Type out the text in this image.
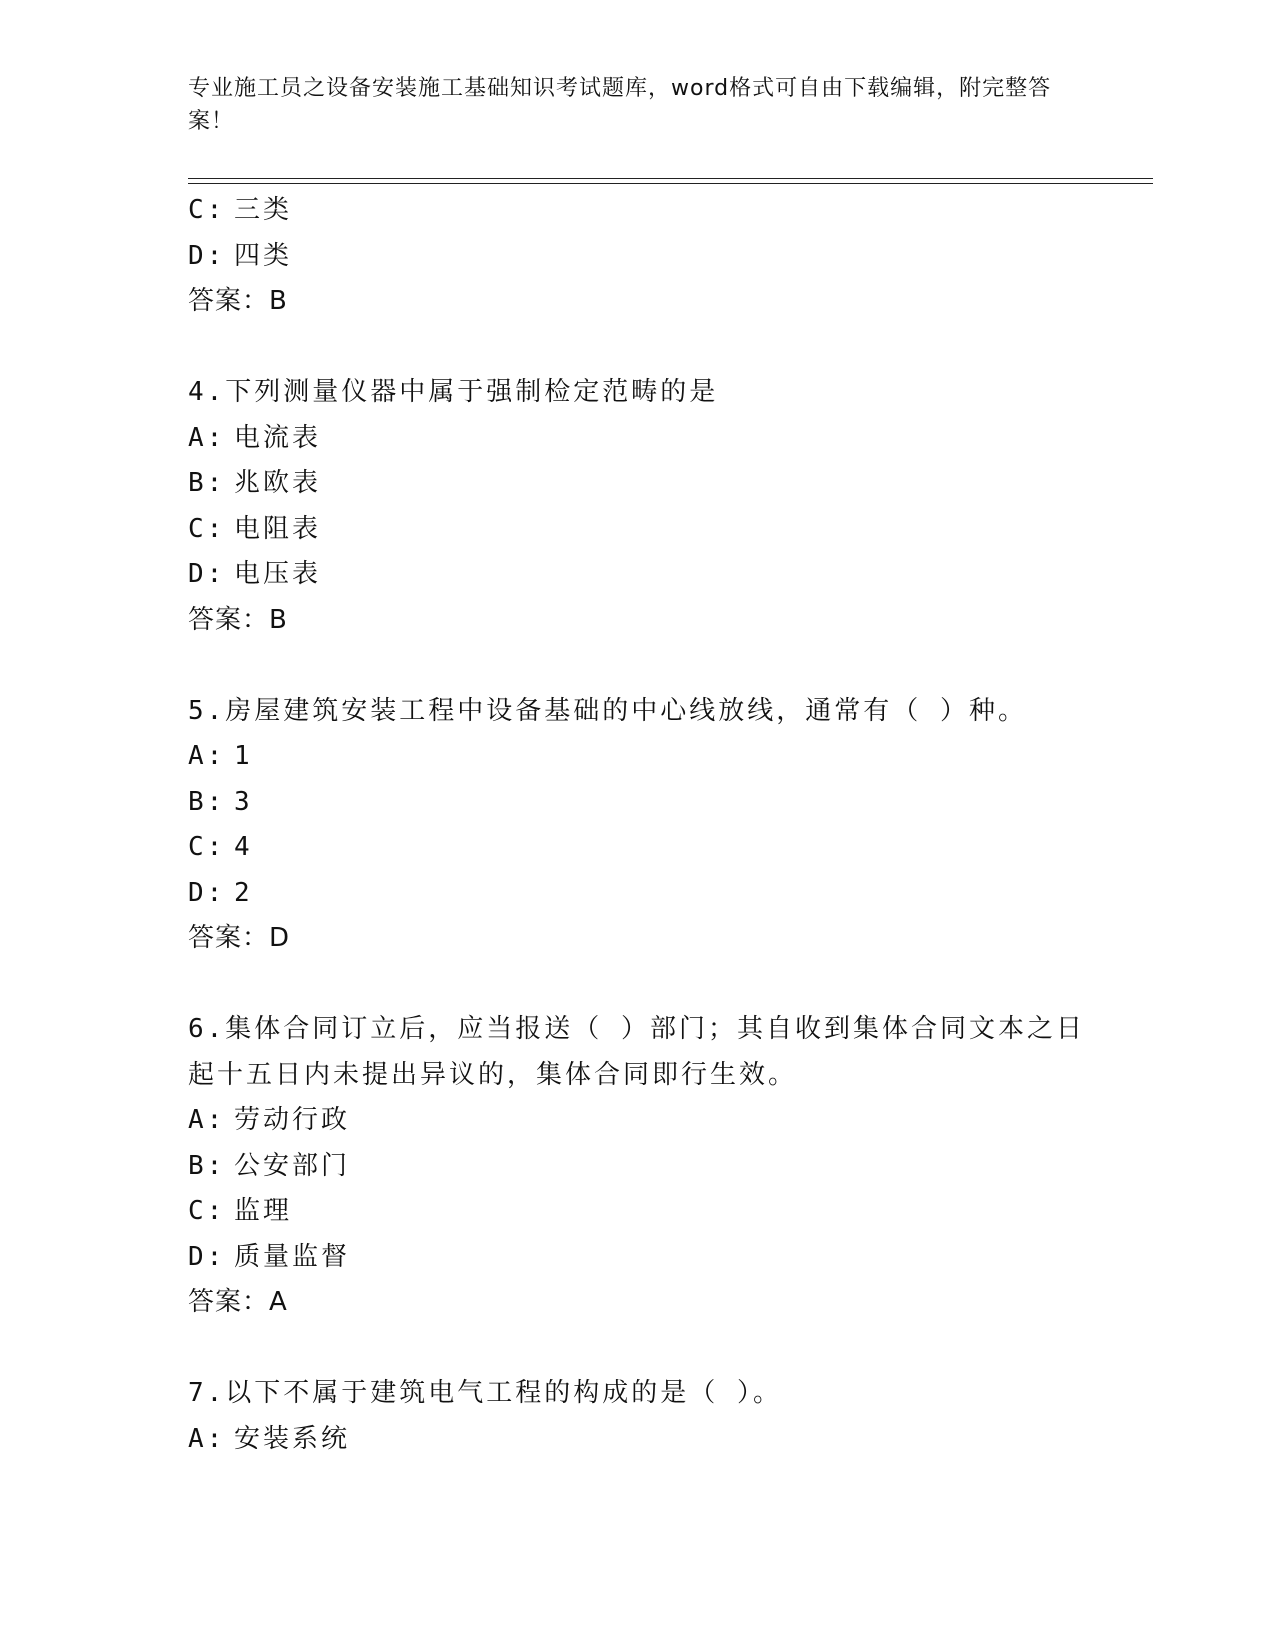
专业施工员之设备安装施工基础知识考试题库，word格式可自由下载编辑，附完整答案！
C: 三类
D: 四类
答案：B
4.下列测量仪器中属于强制检定范畴的是
A: 电流表
B: 兆欧表
C: 电阻表
D: 电压表
答案：B
5.房屋建筑安装工程中设备基础的中心线放线，通常有（ ）种。
A: 1
B: 3
C: 4
D: 2
答案：D
6.集体合同订立后，应当报送（ ）部门；其自收到集体合同文本之日起十五日内未提出异议的，集体合同即行生效。
A: 劳动行政
B: 公安部门
C: 监理
D: 质量监督
答案：A
7.以下不属于建筑电气工程的构成的是（ ）。
A: 安装系统
